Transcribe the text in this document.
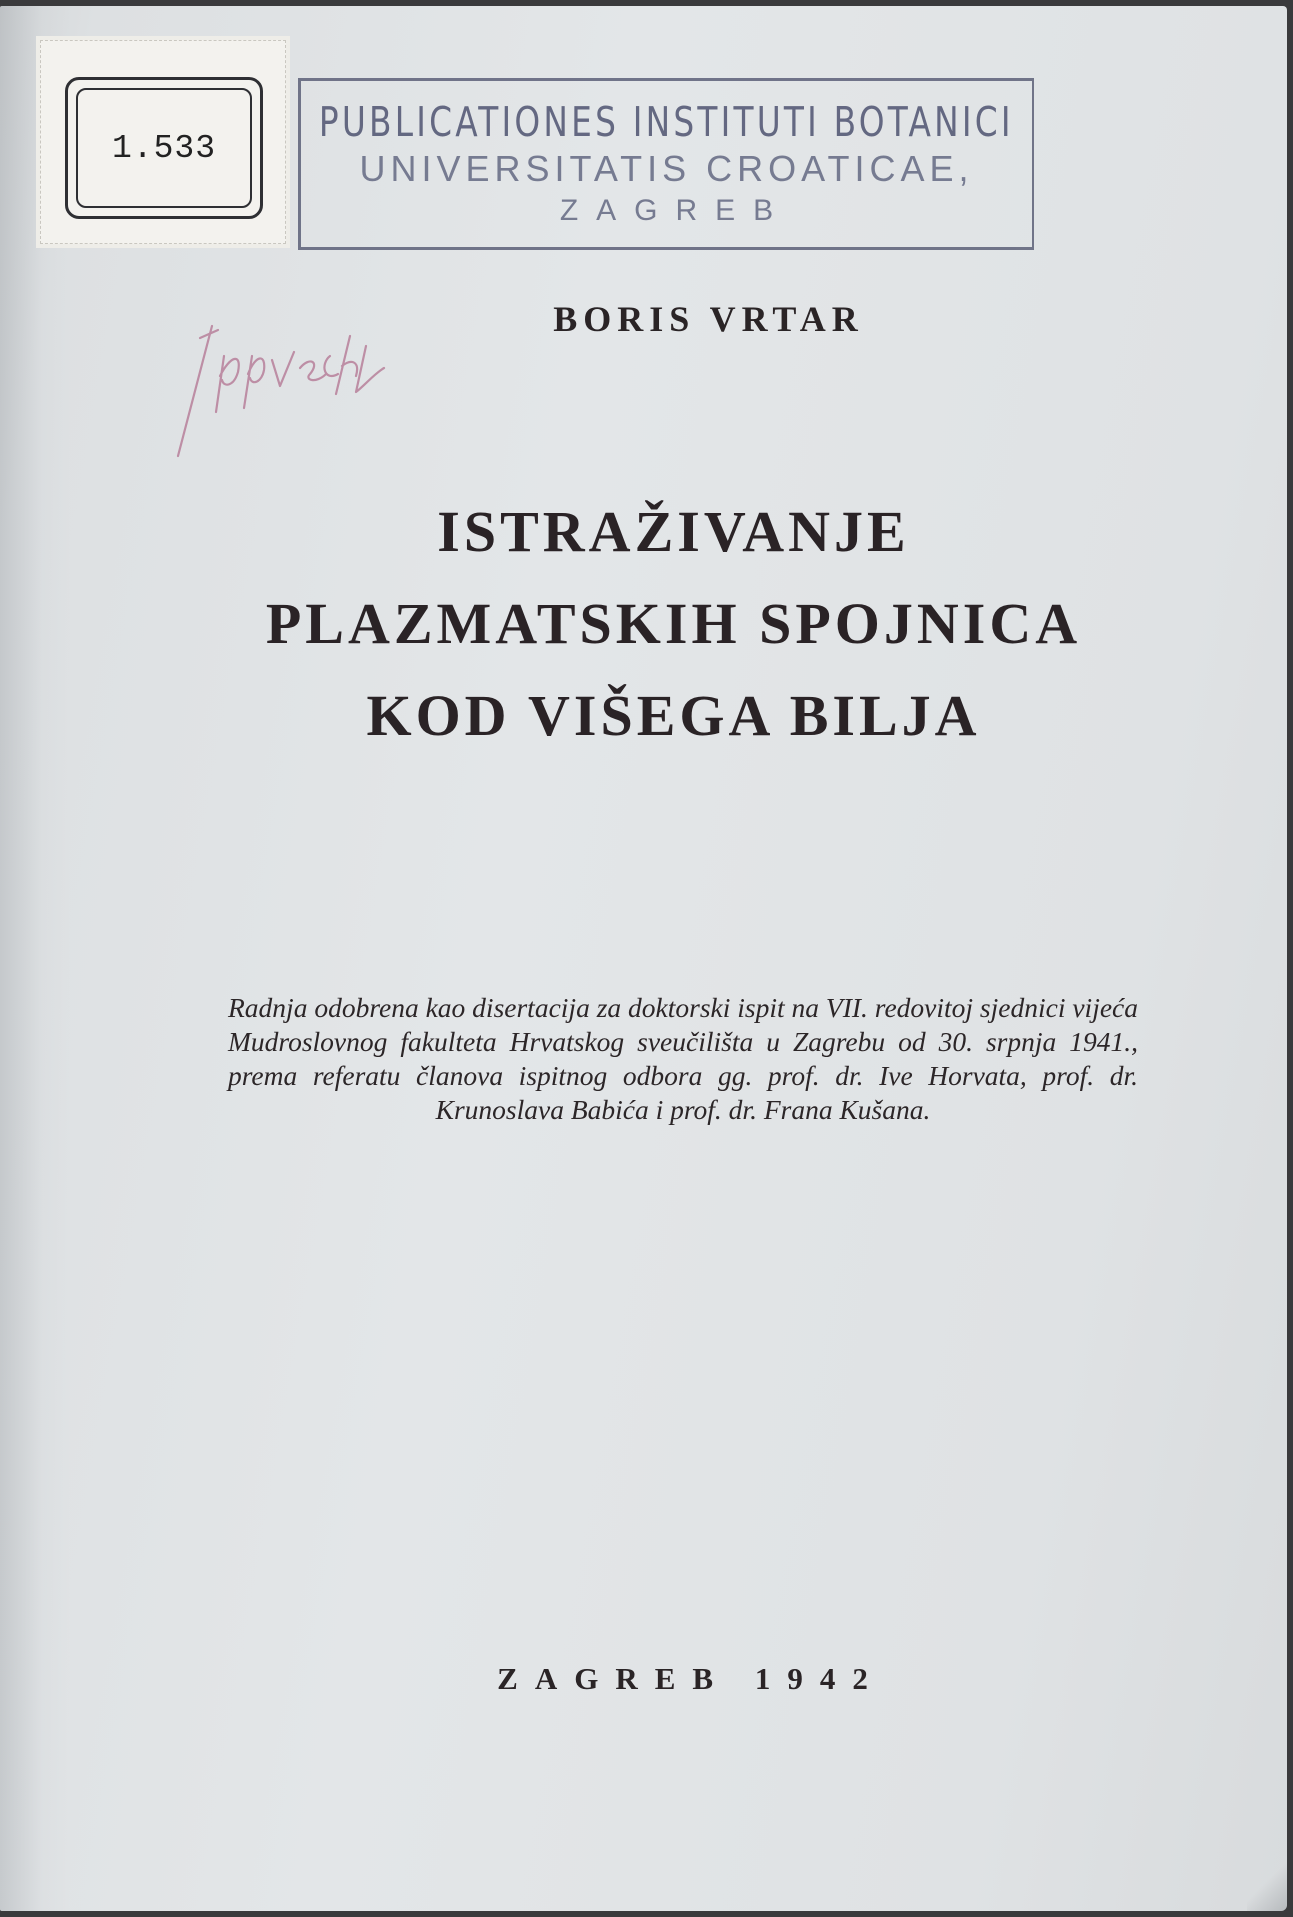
1.533
PUBLICATIONES INSTITUTI BOTANICI
UNIVERSITATIS CROATICAE,
ZAGREB
BORIS VRTAR
ISTRAŽIVANJE
PLAZMATSKIH SPOJNICA
KOD VIŠEGA BILJA
Radnja odobrena kao disertacija za doktorski ispit na VII. redovitoj sjednici vijeća Mudroslovnog fakulteta Hrvatskog sveučilišta u Zagrebu od 30. srpnja 1941., prema referatu članova ispitnog odbora gg. prof. dr. Ive Horvata, prof. dr. Krunoslava Babića i prof. dr. Frana Kušana.
ZAGREB 1942
